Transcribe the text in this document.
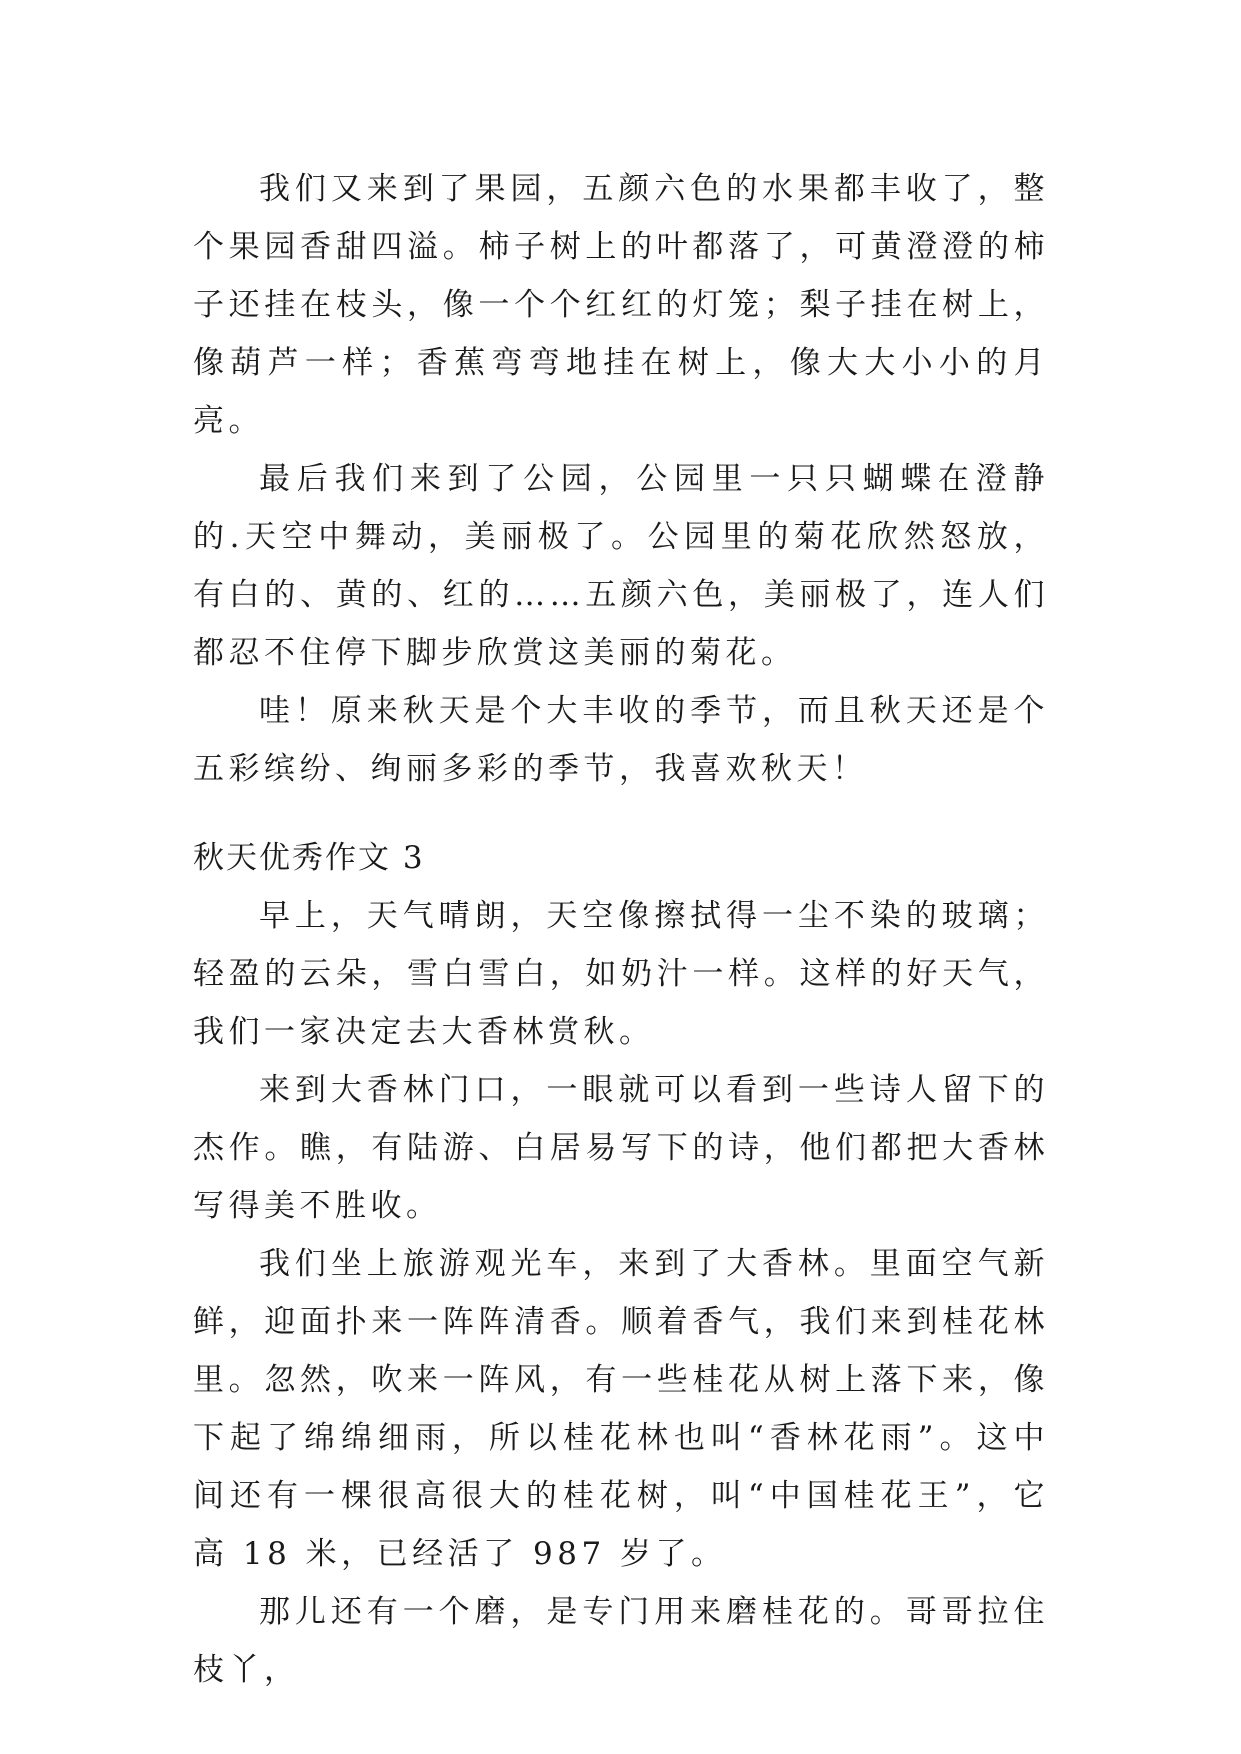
我们又来到了果园，五颜六色的水果都丰收了，整个果园香甜四溢。柿子树上的叶都落了，可黄澄澄的柿子还挂在枝头，像一个个红红的灯笼；梨子挂在树上，像葫芦一样；香蕉弯弯地挂在树上，像大大小小的月亮。

最后我们来到了公园，公园里一只只蝴蝶在澄静的.天空中舞动，美丽极了。公园里的菊花欣然怒放，有白的、黄的、红的……五颜六色，美丽极了，连人们都忍不住停下脚步欣赏这美丽的菊花。

哇！原来秋天是个大丰收的季节，而且秋天还是个五彩缤纷、绚丽多彩的季节，我喜欢秋天！

秋天优秀作文 3

早上，天气晴朗，天空像擦拭得一尘不染的玻璃；轻盈的云朵，雪白雪白，如奶汁一样。这样的好天气，我们一家决定去大香林赏秋。

来到大香林门口，一眼就可以看到一些诗人留下的杰作。瞧，有陆游、白居易写下的诗，他们都把大香林写得美不胜收。

我们坐上旅游观光车，来到了大香林。里面空气新鲜，迎面扑来一阵阵清香。顺着香气，我们来到桂花林里。忽然，吹来一阵风，有一些桂花从树上落下来，像下起了绵绵细雨，所以桂花林也叫“香林花雨”。这中间还有一棵很高很大的桂花树，叫“中国桂花王”，它高 18 米，已经活了 987 岁了。

那儿还有一个磨，是专门用来磨桂花的。哥哥拉住枝丫，
